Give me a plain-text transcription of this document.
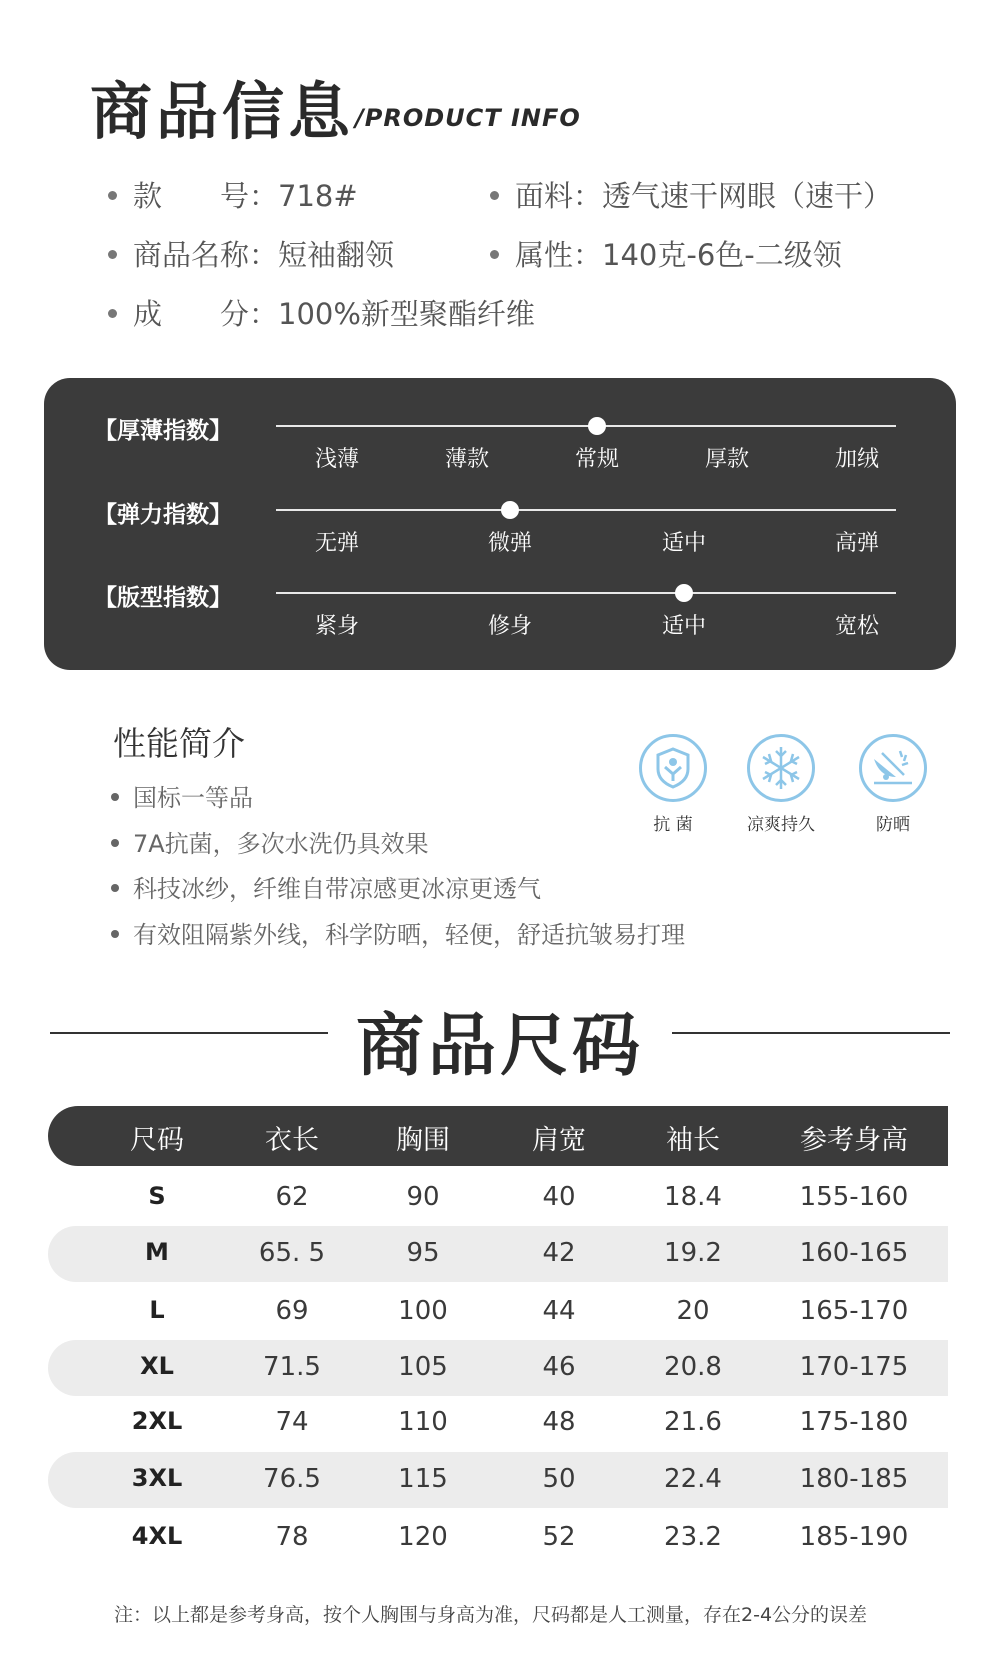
商品信息 /PRODUCT INFO
款　　号：718#	面料：透气速干网眼（速干）
商品名称：短袖翻领	属性：140克-6色-二级领
成　　分：100%新型聚酯纤维
【厚薄指数】
浅薄	薄款	常规	厚款	加绒
【弹力指数】
无弹	微弹	适中	高弹
【版型指数】
紧身	修身	适中	宽松
性能简介
国标一等品
7A抗菌，多次水洗仍具效果
科技冰纱，纤维自带凉感更冰凉更透气
有效阻隔紫外线，科学防晒，轻便，舒适抗皱易打理
抗 菌	凉爽持久	防晒
商品尺码
尺码	衣长	胸围	肩宽	袖长	参考身高
S	62	90	40	18.4	155-160
M	65. 5	95	42	19.2	160-165
L	69	100	44	20	165-170
XL	71.5	105	46	20.8	170-175
2XL	74	110	48	21.6	175-180
3XL	76.5	115	50	22.4	180-185
4XL	78	120	52	23.2	185-190
注：以上都是参考身高，按个人胸围与身高为准，尺码都是人工测量，存在2-4公分的误差
